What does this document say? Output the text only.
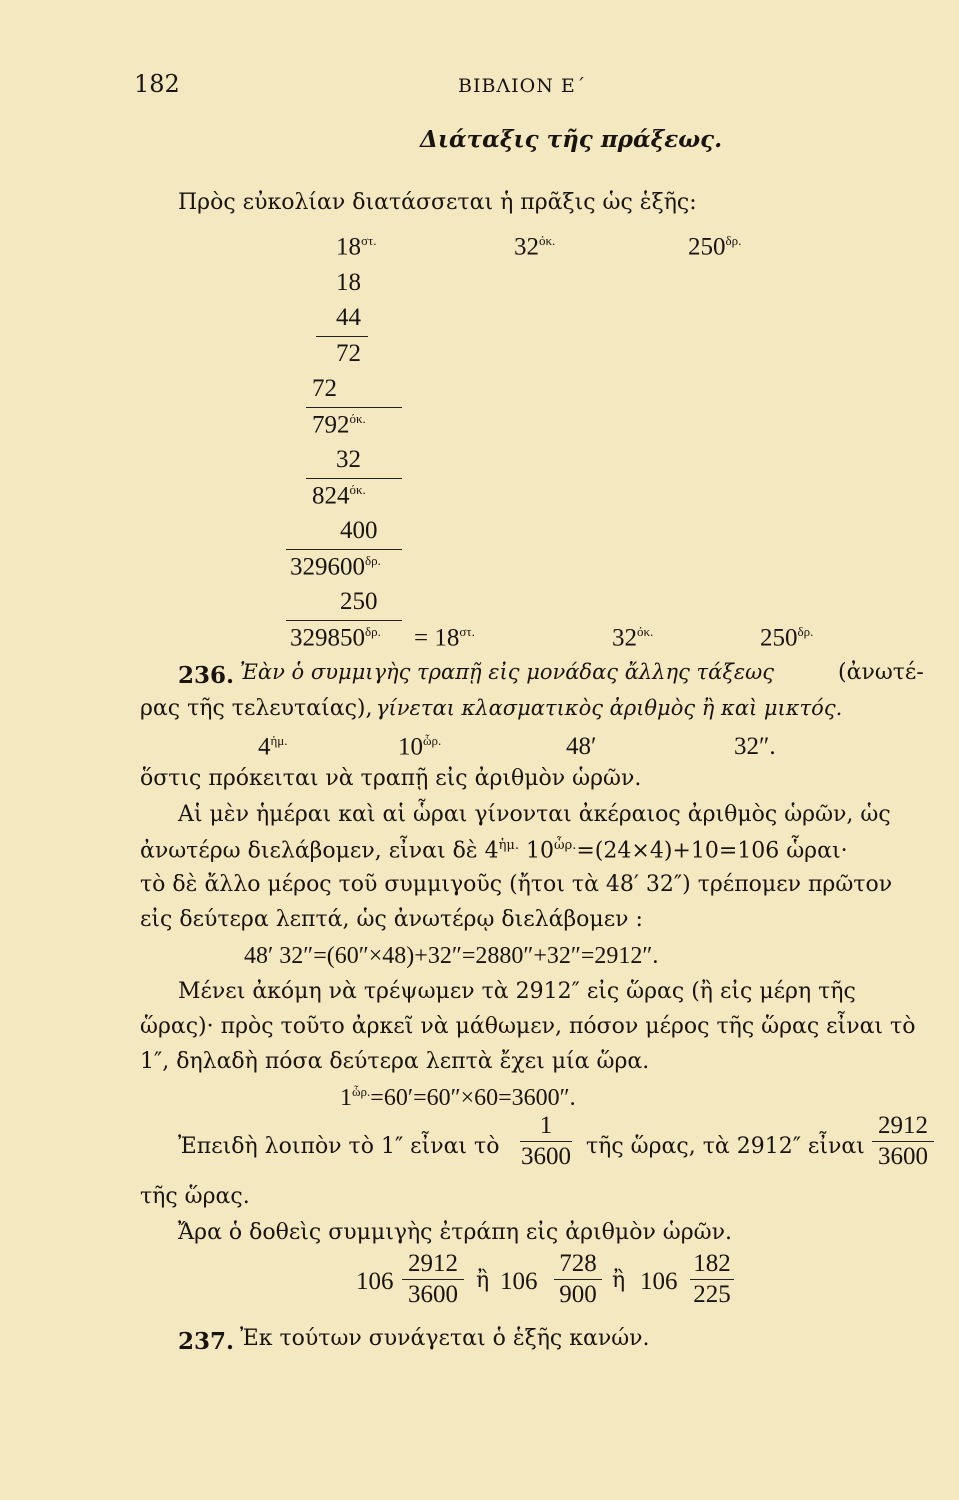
182	ΒΙΒΛΙΟΝ Ε΄
Διάταξις τῆς πράξεως.
Πρὸς εὐκολίαν διατάσσεται ἡ πρᾶξις ὡς ἑξῆς:
$18^{\sigma\tau.}$	$32^{ό\kappa.}$	$250^{\delta\rho.}$
18
44
72
72
$792^{ό\kappa.}$
32
$824^{ό\kappa.}$
400
$329600^{\delta\rho.}$
250
$329850^{\delta\rho.} = 18^{\sigma\tau.}$	$32^{ό\kappa.}$	$250^{\delta\rho.}$
236. Ἐὰν ὁ συμμιγὴς τραπῇ εἰς μονάδας ἄλλης τάξεως	(ἀνωτέ-
ρας τῆς τελευταίας), γίνεται κλασματικὸς ἀριθμὸς ἢ καὶ μικτός.
$4^{ἡ\mu.}$	$10^{ὧ\rho.}$	48′	32″.
ὅστις πρόκειται νὰ τραπῇ εἰς ἀριθμὸν ὡρῶν.
Αἱ μὲν ἡμέραι καὶ αἱ ὧραι γίνονται ἀκέραιος ἀριθμὸς ὡρῶν, ὡς
ἀνωτέρω διελάβομεν, εἶναι δὲ $4^{ἡ\mu.}$ $10^{ὧ\rho.}=(24\times 4)+10=106$ ὧραι·
τὸ δὲ ἄλλο μέρος τοῦ συμμιγοῦς (ἤτοι τὰ 48′ 32″) τρέπομεν πρῶτον
εἰς δεύτερα λεπτά, ὡς ἀνωτέρῳ διελάβομεν :
48′ 32″=(60″×48)+32″=2880″+32″=2912″.
Μένει ἀκόμη νὰ τρέψωμεν τὰ 2912″ εἰς ὥρας (ἢ εἰς μέρη τῆς
ὥρας)· πρὸς τοῦτο ἀρκεῖ νὰ μάθωμεν, πόσον μέρος τῆς ὥρας εἶναι τὸ
1″, δηλαδὴ πόσα δεύτερα λεπτὰ ἔχει μία ὥρα.
$1^{ὧ\rho.}=60'=60''\times 60=3600''$.
Ἐπειδὴ λοιπὸν τὸ 1″ εἶναι τὸ
1
3600 τῆς ὥρας, τὰ 2912″ εἶναι
2912
3600
τῆς ὥρας.
Ἄρα ὁ δοθεὶς συμμιγὴς ἐτράπη εἰς ἀριθμὸν ὡρῶν.
106
2912
3600
ἢ 106
728
900
ἢ 106
182
225
237. Ἐκ τούτων συνάγεται ὁ ἑξῆς κανών.
